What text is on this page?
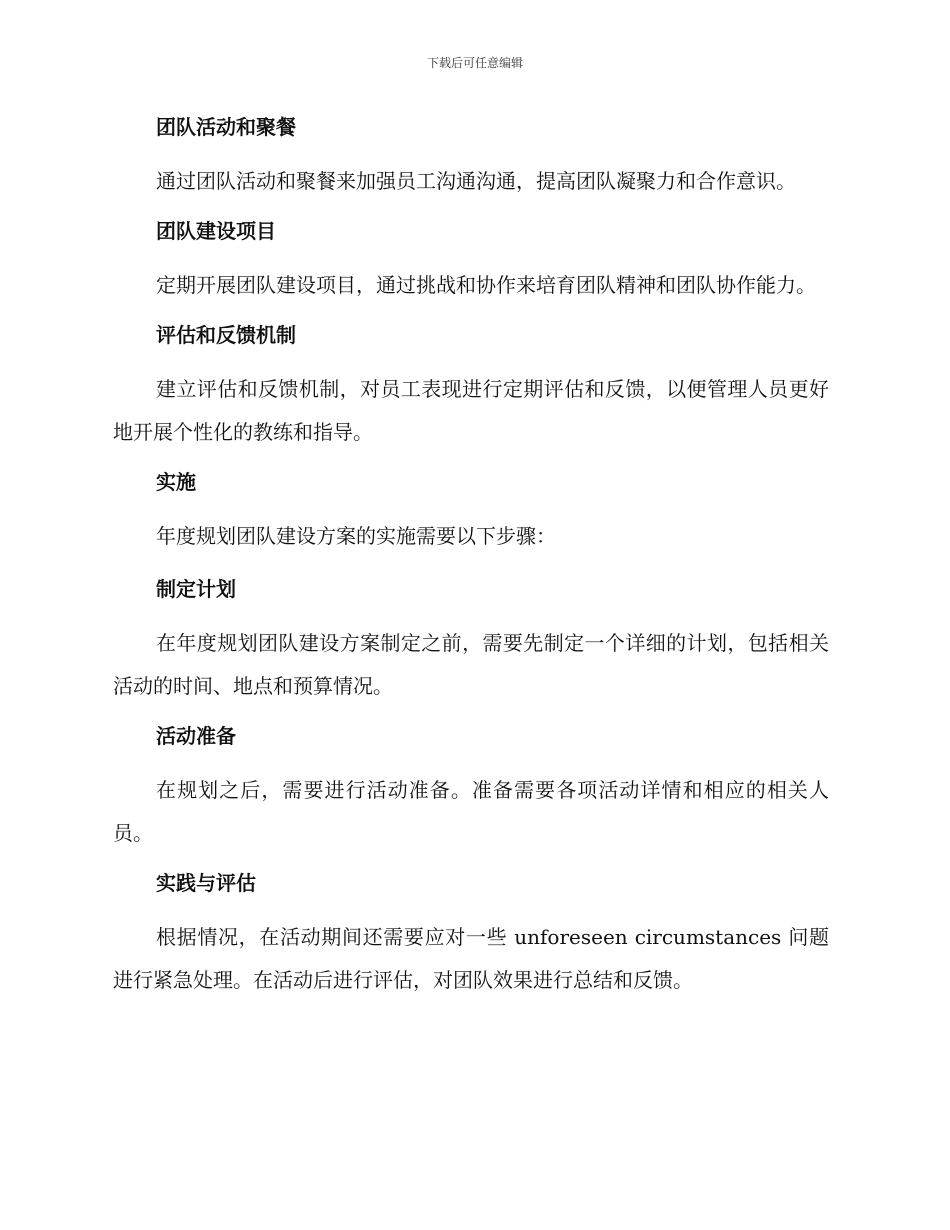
下载后可任意编辑
团队活动和聚餐

通过团队活动和聚餐来加强员工沟通沟通，提高团队凝聚力和合作意识。

团队建设项目

定期开展团队建设项目，通过挑战和协作来培育团队精神和团队协作能力。

评估和反馈机制

建立评估和反馈机制，对员工表现进行定期评估和反馈，以便管理人员更好地开展个性化的教练和指导。

实施

年度规划团队建设方案的实施需要以下步骤：

制定计划

在年度规划团队建设方案制定之前，需要先制定一个详细的计划，包括相关活动的时间、地点和预算情况。

活动准备

在规划之后，需要进行活动准备。准备需要各项活动详情和相应的相关人员。

实践与评估

根据情况，在活动期间还需要应对一些 unforeseen circumstances 问题进行紧急处理。在活动后进行评估，对团队效果进行总结和反馈。
